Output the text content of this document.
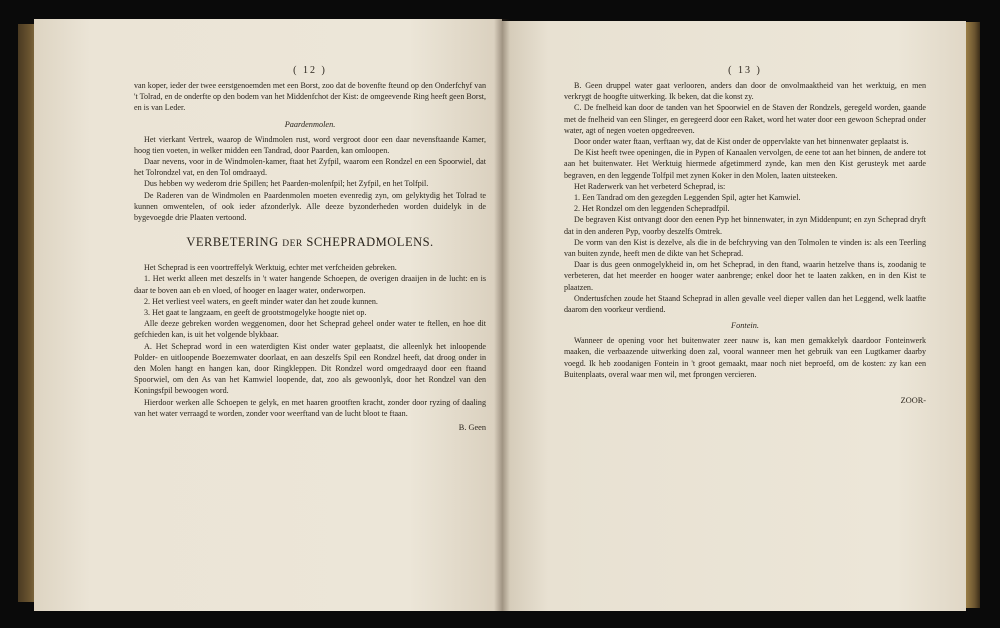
( 12 )

van koper, ieder der twee eerstgenoemden met een Borst, zoo dat de bovenfte fteund op den Onderfchyf van 't Tolrad, en de onderfte op den bodem van het Middenfchot der Kist: de omgeevende Ring heeft geen Borst, en is van Leder.

Paardenmolen.

Het vierkant Vertrek, waarop de Windmolen rust, word vergroot door een daar nevensftaande Kamer, hoog tien voeten, in welker midden een Tandrad, door Paarden, kan omloopen.

Daar nevens, voor in de Windmolen-kamer, ftaat het Zyfpil, waarom een Rondzel en een Spoorwiel, dat het Tolrondzel vat, en den Tol omdraayd.

Dus hebben wy wederom drie Spillen; het Paarden-molenfpil; het Zyfpil, en het Tolfpil.

De Raderen van de Windmolen en Paardenmolen moeten evenredig zyn, om gelyktydig het Tolrad te kunnen omwentelen, of ook ieder afzonderlyk. Alle deeze byzonderheden worden duidelyk in de bygevoegde drie Plaaten vertoond.

VERBETERING DER SCHEPRADMOLENS.

Het Scheprad is een voortreffelyk Werktuig, echter met verfcheiden gebreken.

1. Het werkt alleen met deszelfs in 't water hangende Schoepen, de overigen draaijen in de lucht: en is daar te boven aan eb en vloed, of hooger en laager water, onderworpen.

2. Het verliest veel waters, en geeft minder water dan het zoude kunnen.

3. Het gaat te langzaam, en geeft de grootstmogelyke hoogte niet op.

Alle deeze gebreken worden weggenomen, door het Scheprad geheel onder water te ftellen, en hoe dit gefchieden kan, is uit het volgende blykbaar.

A. Het Scheprad word in een waterdigten Kist onder water geplaatst, die alleenlyk het inloopende Polder- en uitloopende Boezemwater doorlaat, en aan deszelfs Spil een Rondzel heeft, dat droog onder in den Molen hangt en hangen kan, door Ringkleppen. Dit Rondzel word omgedraayd door een ftaand Spoorwiel, om den As van het Kamwiel loopende, dat, zoo als gewoonlyk, door het Rondzel van den Koningsfpil bewoogen word.

Hierdoor werken alle Schoepen te gelyk, en met haaren grootften kracht, zonder door ryzing of daaling van het water verraagd te worden, zonder voor weerftand van de lucht bloot te ftaan.

B. Geen
( 13 )

B. Geen druppel water gaat verlooren, anders dan door de onvolmaaktheid van het werktuig, en men verkrygt de hoogfte uitwerking. Ik beken, dat die konst zy.

C. De fnelheid kan door de tanden van het Spoorwiel en de Staven der Rondzels, geregeld worden, gaande met de fnelheid van een Slinger, en geregeerd door een Raket, word het water door een gewoon Scheprad onder water, agt of negen voeten opgedreeven.

Door onder water ftaan, verftaan wy, dat de Kist onder de oppervlakte van het binnenwater geplaatst is.

De Kist heeft twee openingen, die in Pypen of Kanaalen vervolgen, de eene tot aan het binnen, de andere tot aan het buitenwater. Het Werktuig hiermede afgetimmerd zynde, kan men den Kist gerusteyk met aarde begraven, en den leggende Tolfpil met zynen Koker in den Molen, laaten uitsteeken.

Het Raderwerk van het verbeterd Scheprad, is:

1. Een Tandrad om den gezegden Leggenden Spil, agter het Kamwiel.

2. Het Rondzel om den leggenden Schepradfpil.

De begraven Kist ontvangt door den eenen Pyp het binnenwater, in zyn Middenpunt; en zyn Scheprad dryft dat in den anderen Pyp, voorby deszelfs Omtrek.

De vorm van den Kist is dezelve, als die in de befchryving van den Tolmolen te vinden is: als een Teerling van buiten zynde, heeft men de dikte van het Scheprad.

Daar is dus geen onmogelykheid in, om het Scheprad, in den ftand, waarin hetzelve thans is, zoodanig te verbeteren, dat het meerder en hooger water aanbrenge; enkel door het te laaten zakken, en in den Kist te plaatzen.

Ondertusfchen zoude het Staand Scheprad in allen gevalle veel dieper vallen dan het Leggend, welk laatfte daarom den voorkeur verdiend.

Fontein.

Wanneer de opening voor het buitenwater zeer nauw is, kan men gemakkelyk daardoor Fonteinwerk maaken, die verbaazende uitwerking doen zal, vooral wanneer men het gebruik van een Lugtkamer daarby voegd. Ik heb zoodanigen Fontein in 't groot gemaakt, maar noch niet beproefd, om de kosten: zy kan een Buitenplaats, overal waar men wil, met fprongen vercieren.

ZOOR-
